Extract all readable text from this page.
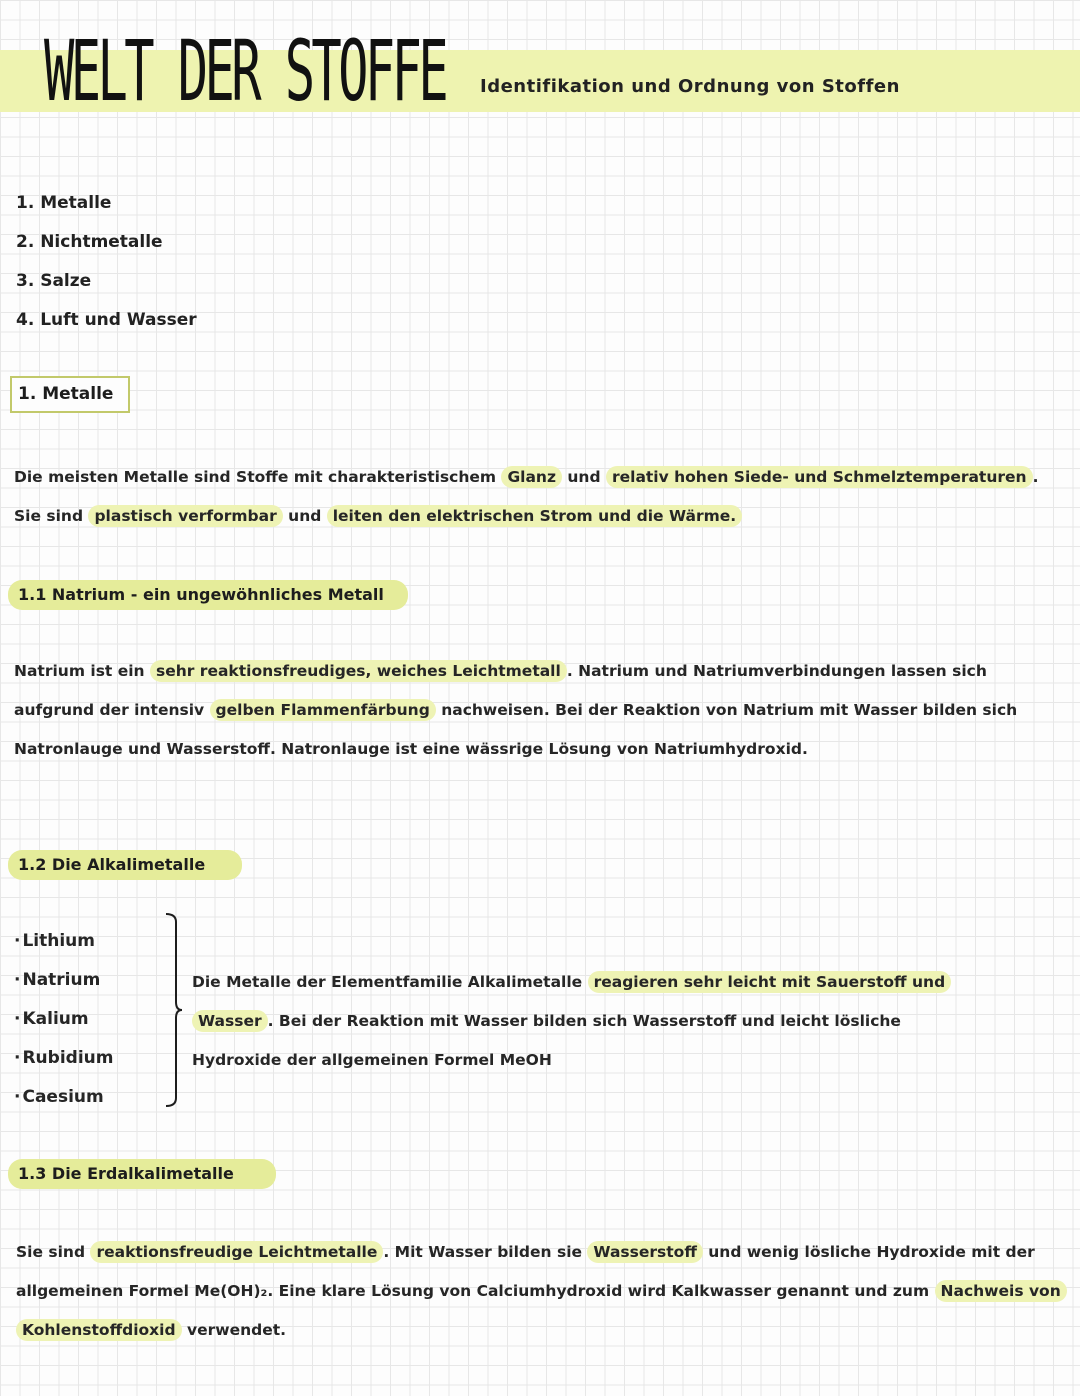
WELT DER STOFFE Identifikation und Ordnung von Stoffen
1. Metalle
2. Nichtmetalle
3. Salze
4. Luft und Wasser
1. Metalle

Die meisten Metalle sind Stoffe mit charakteristischem Glanz und relativ hohen Siede- und Schmelztemperaturen . Sie sind plastisch verformbar und leiten den elektrischen Strom und die Wärme.

1.1 Natrium - ein ungewöhnliches Metall

Natrium ist ein sehr reaktionsfreudiges, weiches Leichtmetall . Natrium und Natriumverbindungen lassen sich aufgrund der intensiv gelben Flammenfärbung nachweisen. Bei der Reaktion von Natrium mit Wasser bilden sich Natronlauge und Wasserstoff. Natronlauge ist eine wässrige Lösung von Natriumhydroxid.

1.2 Die Alkalimetalle
· Lithium
· Natrium
· Kalium
· Rubidium
· Caesium

Die Metalle der Elementfamilie Alkalimetalle reagieren sehr leicht mit Sauerstoff und Wasser . Bei der Reaktion mit Wasser bilden sich Wasserstoff und leicht lösliche Hydroxide der allgemeinen Formel MeOH

1.3 Die Erdalkalimetalle

Sie sind reaktionsfreudige Leichtmetalle . Mit Wasser bilden sie Wasserstoff und wenig lösliche Hydroxide mit der allgemeinen Formel Me(OH)₂. Eine klare Lösung von Calciumhydroxid wird Kalkwasser genannt und zum Nachweis von Kohlenstoffdioxid verwendet.
